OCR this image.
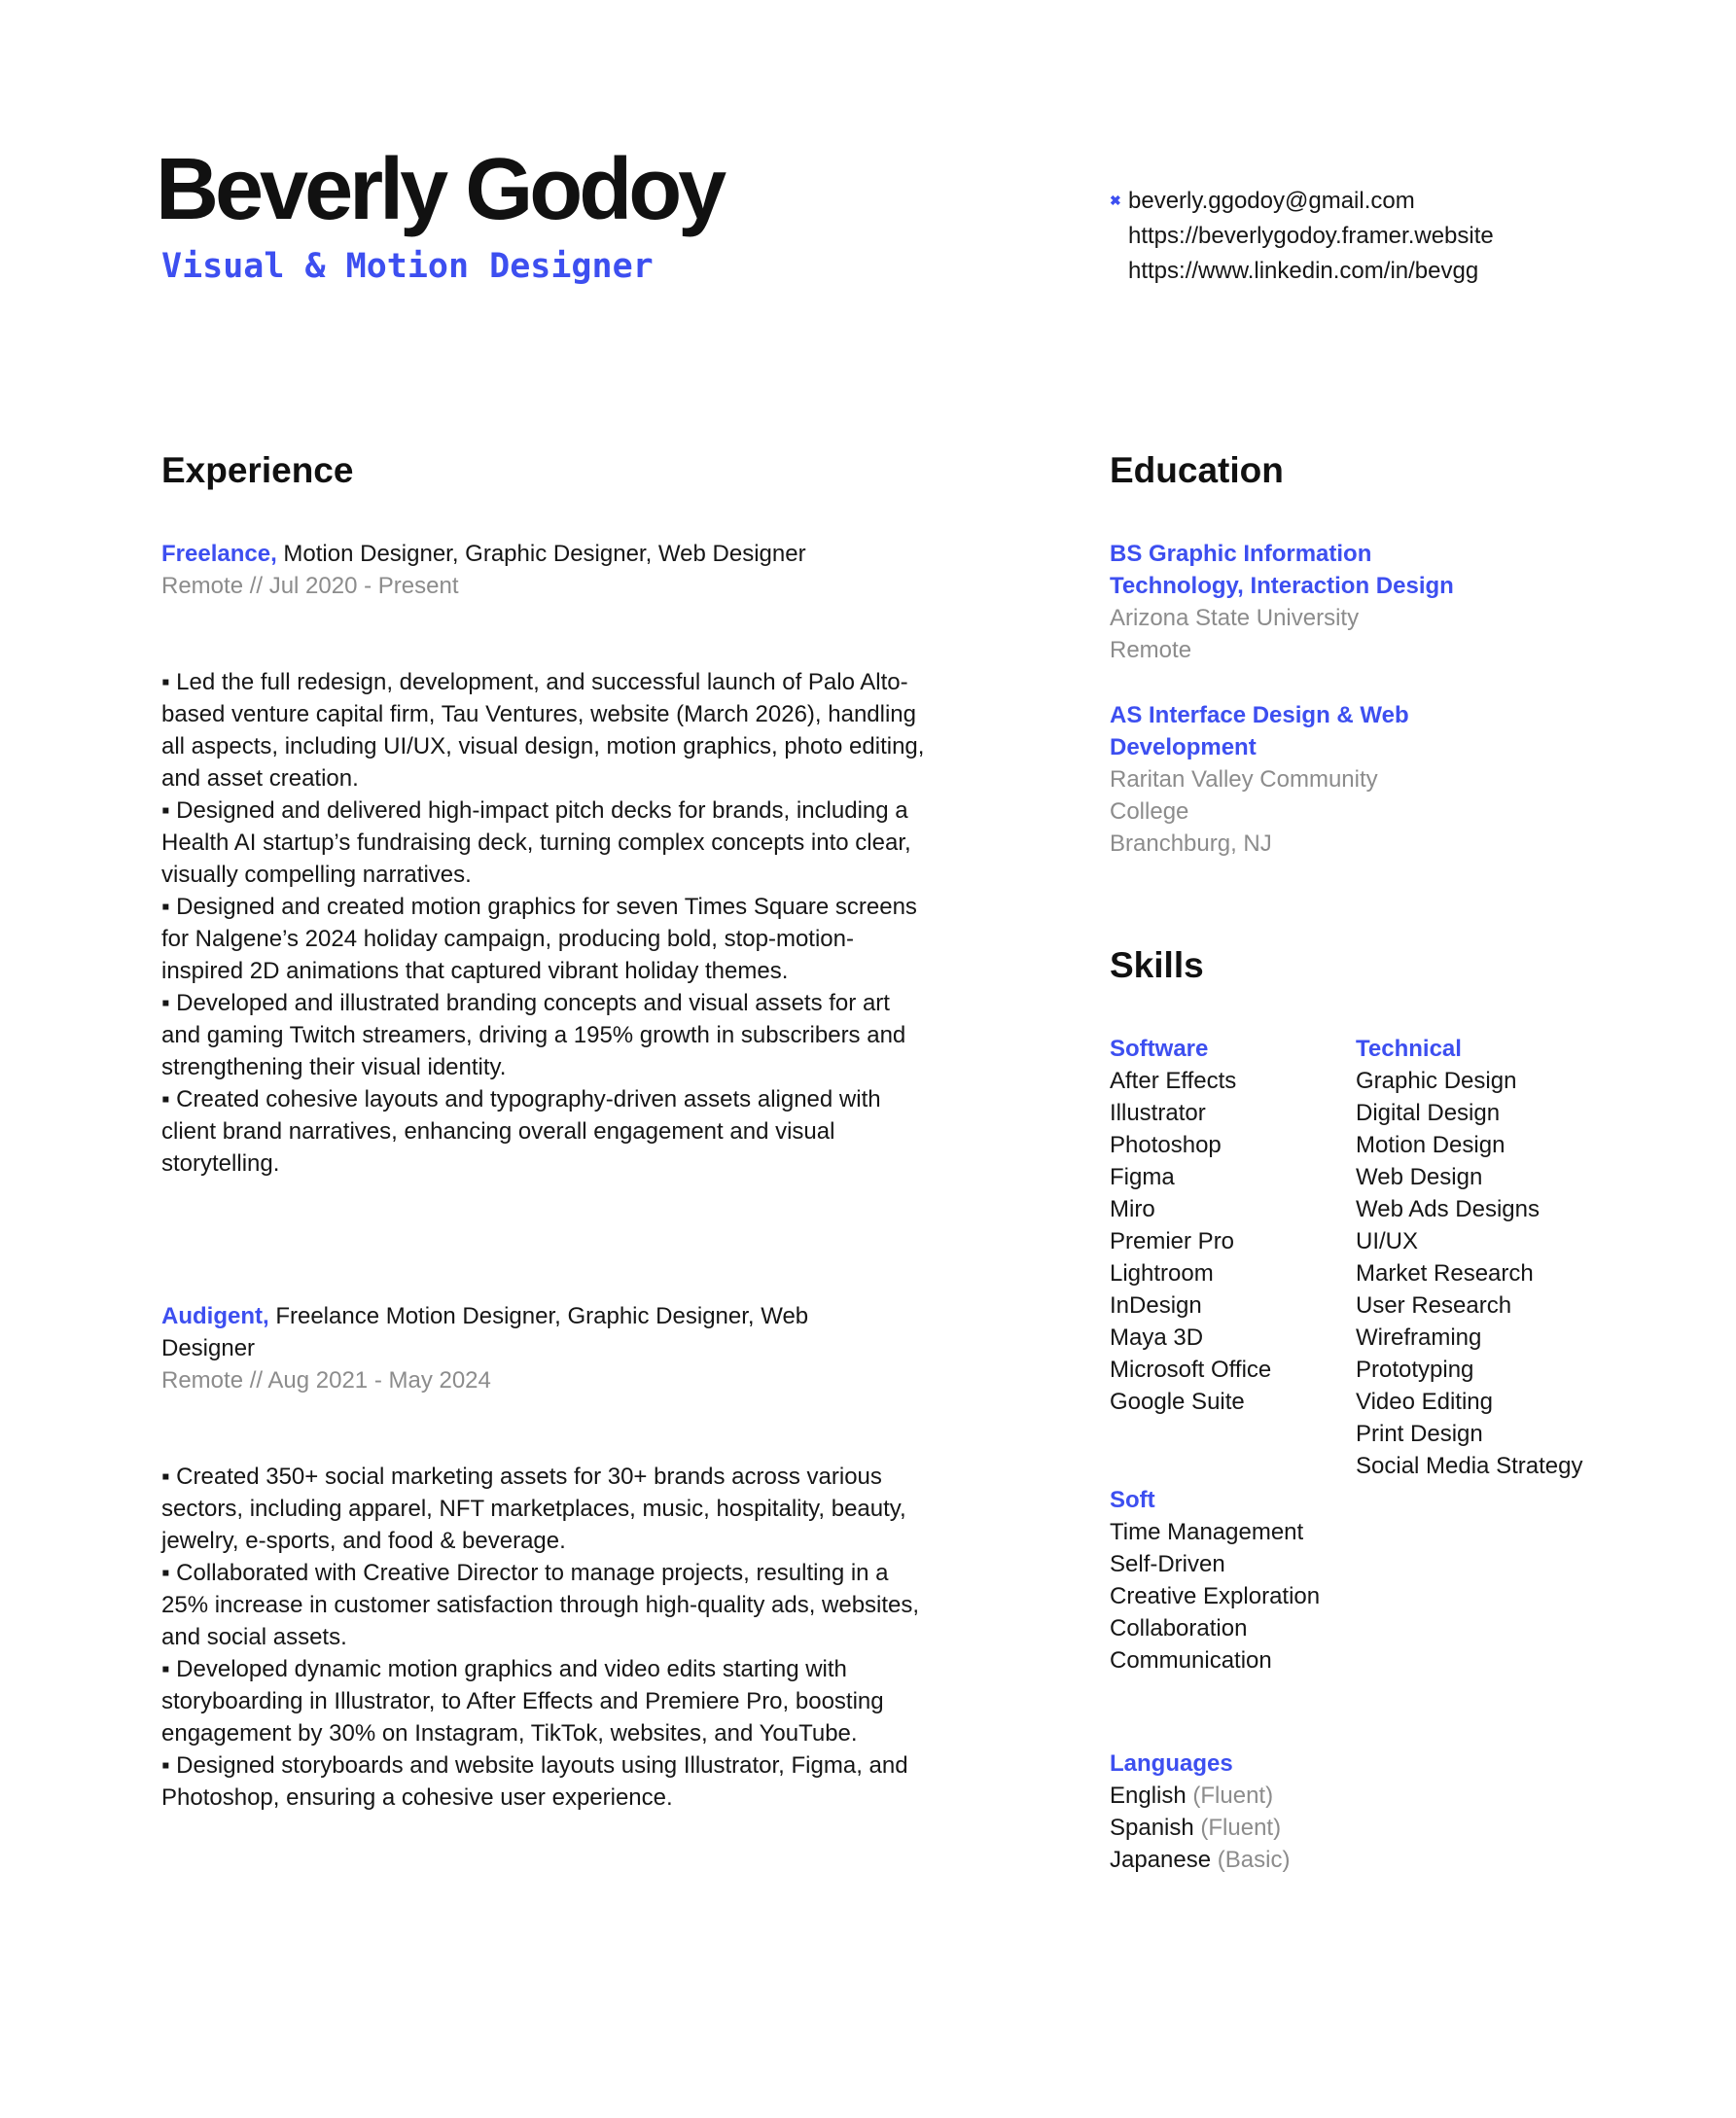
Beverly Godoy
Visual & Motion Designer
✖ beverly.ggodoy@gmail.com
https://beverlygodoy.framer.website
https://www.linkedin.com/in/bevgg
Experience
Freelance, Motion Designer, Graphic Designer, Web Designer
Remote // Jul 2020 - Present

▪ Led the full redesign, development, and successful launch of Palo Alto-based venture capital firm, Tau Ventures, website (March 2026), handling all aspects, including UI/UX, visual design, motion graphics, photo editing, and asset creation.

▪ Designed and delivered high-impact pitch decks for brands, including a Health AI startup’s fundraising deck, turning complex concepts into clear, visually compelling narratives.

▪ Designed and created motion graphics for seven Times Square screens for Nalgene’s 2024 holiday campaign, producing bold, stop-motion-inspired 2D animations that captured vibrant holiday themes.

▪ Developed and illustrated branding concepts and visual assets for art and gaming Twitch streamers, driving a 195% growth in subscribers and strengthening their visual identity.

▪ Created cohesive layouts and typography-driven assets aligned with client brand narratives, enhancing overall engagement and visual storytelling.

Audigent, Freelance Motion Designer, Graphic Designer, Web Designer
Remote // Aug 2021 - May 2024

▪ Created 350+ social marketing assets for 30+ brands across various sectors, including apparel, NFT marketplaces, music, hospitality, beauty, jewelry, e-sports, and food & beverage.

▪ Collaborated with Creative Director to manage projects, resulting in a 25% increase in customer satisfaction through high-quality ads, websites, and social assets.

▪ Developed dynamic motion graphics and video edits starting with storyboarding in Illustrator, to After Effects and Premiere Pro, boosting engagement by 30% on Instagram, TikTok, websites, and YouTube.

▪ Designed storyboards and website layouts using Illustrator, Figma, and Photoshop, ensuring a cohesive user experience.

Education
BS Graphic Information Technology, Interaction Design
Arizona State University
Remote
AS Interface Design & Web Development
Raritan Valley Community College
Branchburg, NJ
Skills
Software
After Effects
Illustrator
Photoshop
Figma
Miro
Premier Pro
Lightroom
InDesign
Maya 3D
Microsoft Office
Google Suite
Technical
Graphic Design
Digital Design
Motion Design
Web Design
Web Ads Designs
UI/UX
Market Research
User Research
Wireframing
Prototyping
Video Editing
Print Design
Social Media Strategy
Soft
Time Management
Self-Driven
Creative Exploration
Collaboration
Communication
Languages
English (Fluent)
Spanish (Fluent)
Japanese (Basic)
